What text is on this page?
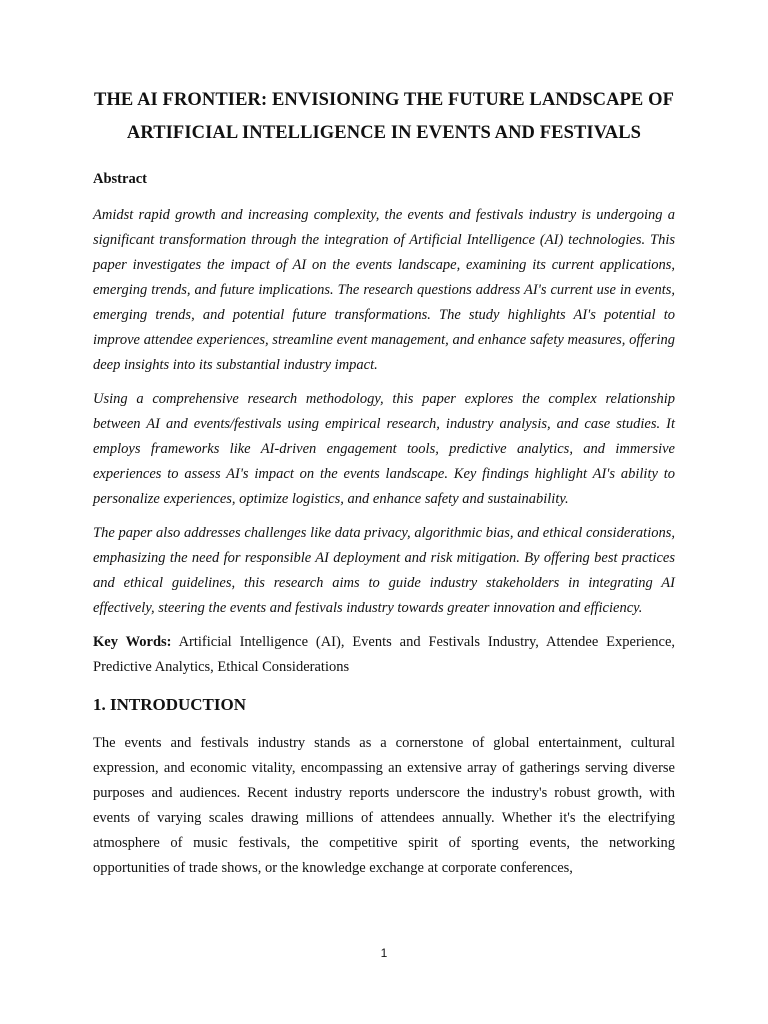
THE AI FRONTIER: ENVISIONING THE FUTURE LANDSCAPE OF ARTIFICIAL INTELLIGENCE IN EVENTS AND FESTIVALS
Abstract

Amidst rapid growth and increasing complexity, the events and festivals industry is undergoing a significant transformation through the integration of Artificial Intelligence (AI) technologies. This paper investigates the impact of AI on the events landscape, examining its current applications, emerging trends, and future implications. The research questions address AI's current use in events, emerging trends, and potential future transformations. The study highlights AI's potential to improve attendee experiences, streamline event management, and enhance safety measures, offering deep insights into its substantial industry impact.

Using a comprehensive research methodology, this paper explores the complex relationship between AI and events/festivals using empirical research, industry analysis, and case studies. It employs frameworks like AI-driven engagement tools, predictive analytics, and immersive experiences to assess AI's impact on the events landscape. Key findings highlight AI's ability to personalize experiences, optimize logistics, and enhance safety and sustainability.

The paper also addresses challenges like data privacy, algorithmic bias, and ethical considerations, emphasizing the need for responsible AI deployment and risk mitigation. By offering best practices and ethical guidelines, this research aims to guide industry stakeholders in integrating AI effectively, steering the events and festivals industry towards greater innovation and efficiency.

Key Words: Artificial Intelligence (AI), Events and Festivals Industry, Attendee Experience, Predictive Analytics, Ethical Considerations

1. INTRODUCTION

The events and festivals industry stands as a cornerstone of global entertainment, cultural expression, and economic vitality, encompassing an extensive array of gatherings serving diverse purposes and audiences. Recent industry reports underscore the industry's robust growth, with events of varying scales drawing millions of attendees annually. Whether it's the electrifying atmosphere of music festivals, the competitive spirit of sporting events, the networking opportunities of trade shows, or the knowledge exchange at corporate conferences,

1
